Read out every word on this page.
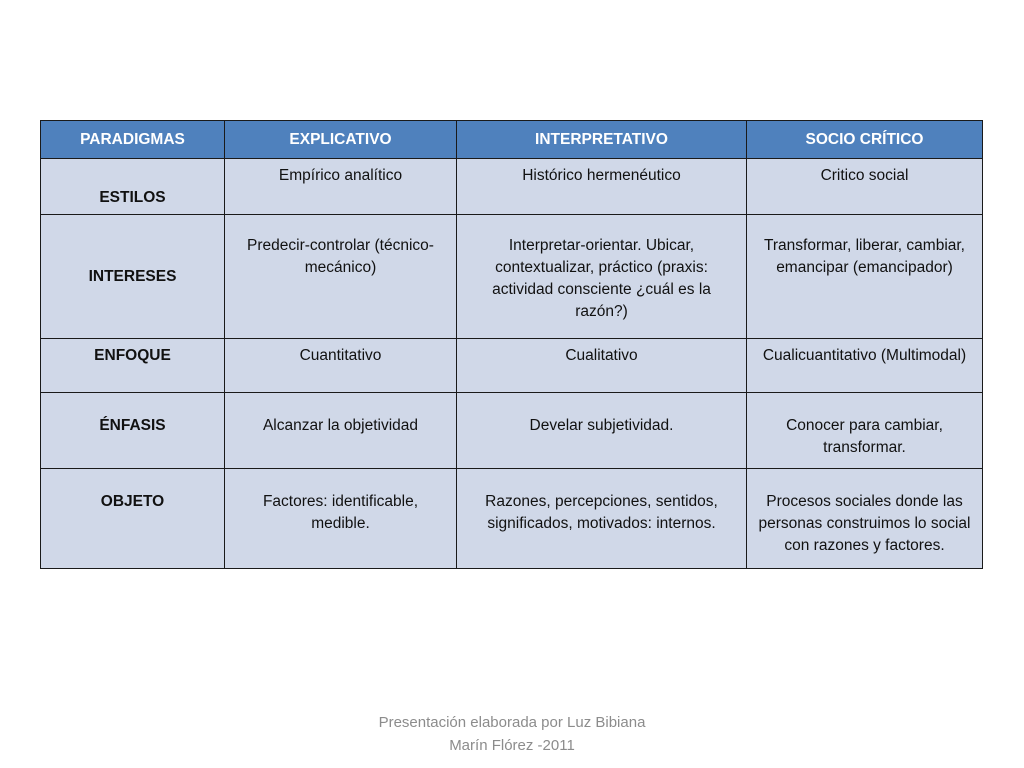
PARADIGMAS	EXPLICATIVO	INTERPRETATIVO	SOCIO CRÍTICO
ESTILOS	Empírico analítico	Histórico hermenéutico	Critico social
INTERESES	Predecir-controlar (técnico-mecánico)	Interpretar-orientar. Ubicar, contextualizar, práctico (praxis: actividad consciente ¿cuál es la razón?)	Transformar, liberar, cambiar, emancipar (emancipador)
ENFOQUE	Cuantitativo	Cualitativo	Cualicuantitativo (Multimodal)
ÉNFASIS	Alcanzar la objetividad	Develar subjetividad.	Conocer para cambiar, transformar.
OBJETO	Factores: identificable, medible.	Razones, percepciones, sentidos, significados, motivados: internos.	Procesos sociales donde las personas construimos lo social con razones y factores.
Presentación elaborada por Luz Bibiana
Marín Flórez -2011
